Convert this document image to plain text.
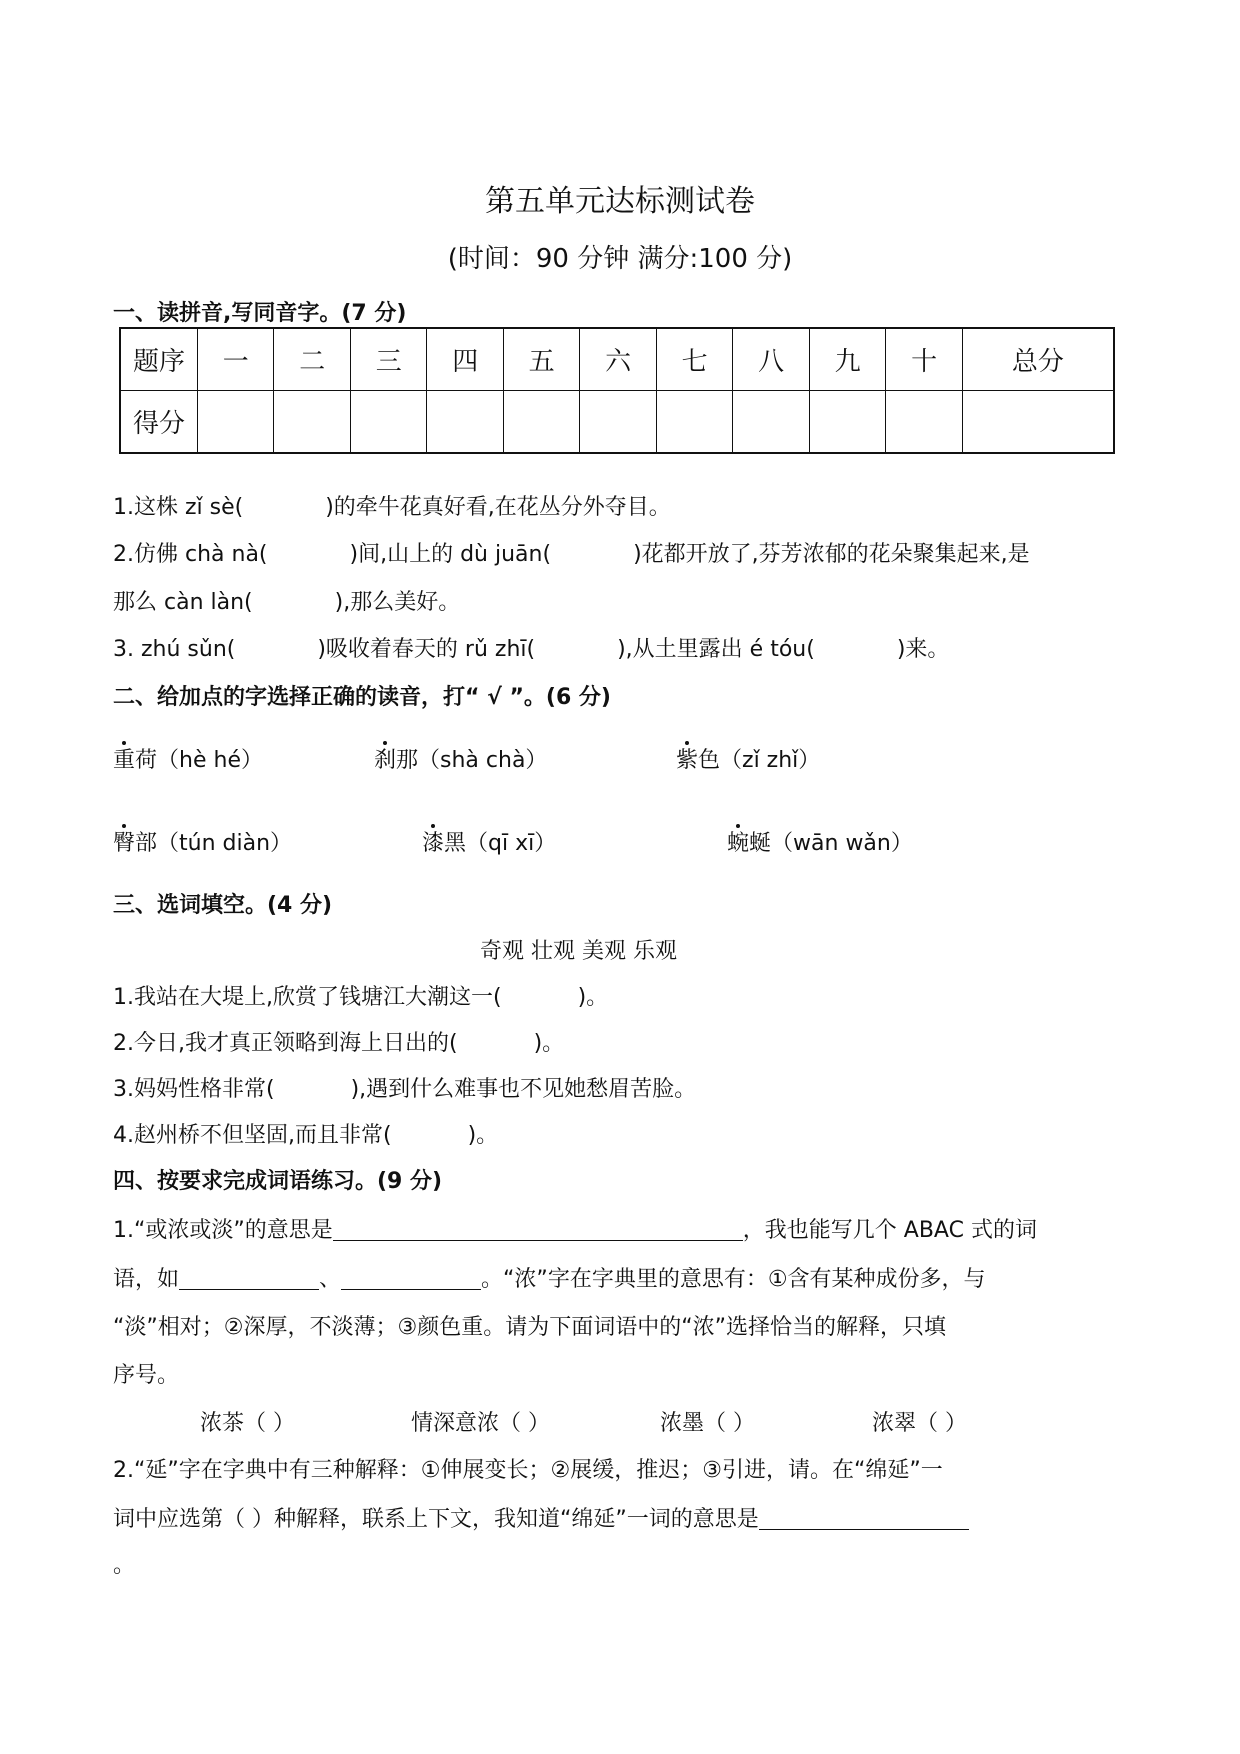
第五单元达标测试卷
(时间：90 分钟 满分:100 分)
一、读拼音,写同音字。(7 分)
题序	一	二	三	四	五	六	七	八	九	十	总分
得分											
1.这株 zǐ sè(	)的牵牛花真好看,在花丛分外夺目。
2.仿佛 chà nà(	)间,山上的 dù juān(	)花都开放了,芬芳浓郁的花朵聚集起来,是
那么 càn làn(	),那么美好。
3. zhú sǔn(	)吸收着春天的 rǔ zhī(	),从土里露出 é tóu(	)来。
二、给加点的字选择正确的读音，打“ √ ”。(6 分)
重荷（hè hé）	刹那（shà chà）	紫色（zǐ zhǐ）
臀部（tún diàn）	漆黑（qī xī）	蜿蜒（wān wǎn）
三、选词填空。(4 分)
奇观 壮观 美观 乐观
1.我站在大堤上,欣赏了钱塘江大潮这一(	)。
2.今日,我才真正领略到海上日出的(	)。
3.妈妈性格非常(	),遇到什么难事也不见她愁眉苦脸。
4.赵州桥不但坚固,而且非常(	)。
四、按要求完成词语练习。(9 分)
1.“或浓或淡”的意思是	，我也能写几个 ABAC 式的词
语，如	、	。“浓”字在字典里的意思有：①含有某种成份多，与
“淡”相对；②深厚，不淡薄；③颜色重。请为下面词语中的“浓”选择恰当的解释，只填
序号。
浓茶（ ）	情深意浓（ ）	浓墨（ ）	浓翠（ ）
2.“延”字在字典中有三种解释：①伸展变长；②展缓，推迟；③引进，请。在“绵延”一
词中应选第（ ）种解释，联系上下文，我知道“绵延”一词的意思是
。
